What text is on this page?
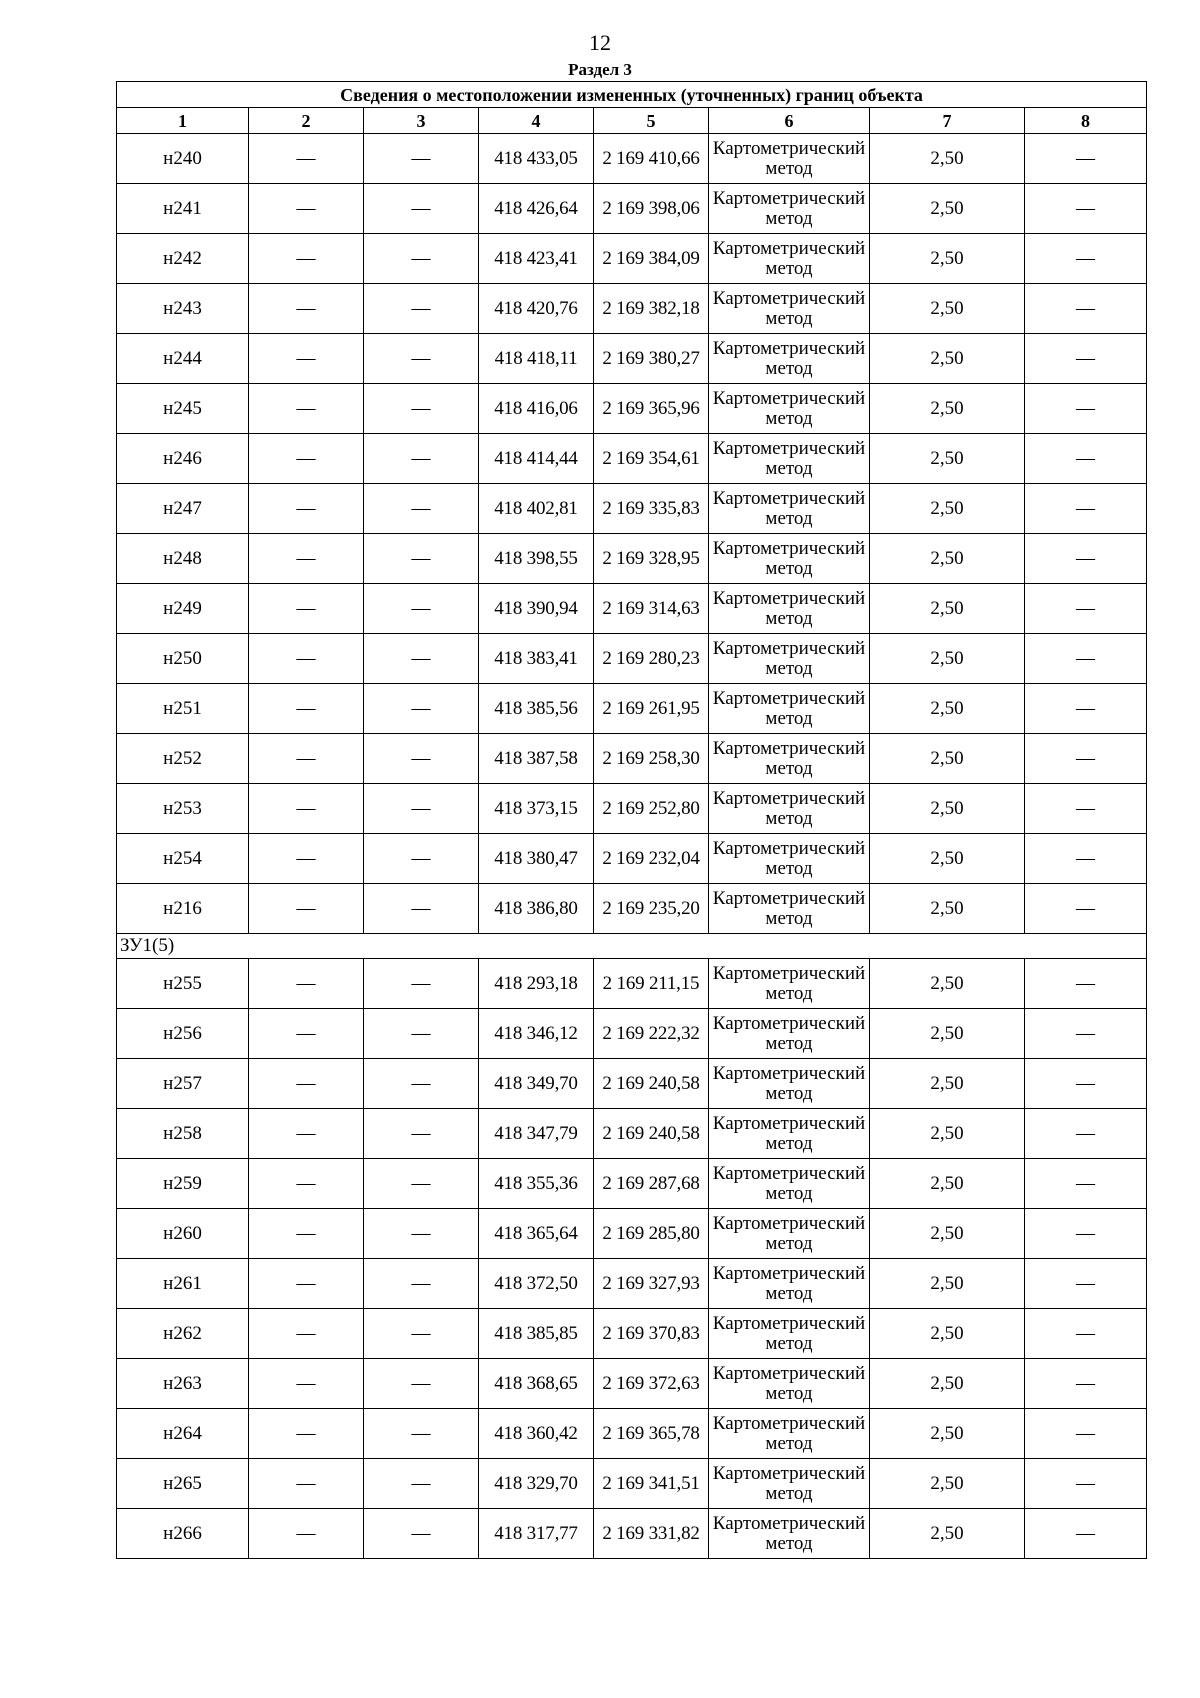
12
Раздел 3
Сведения о местоположении измененных (уточненных) границ объекта							
1	2	3	4	5	6	7	8
н240	—	—	418 433,05	2 169 410,66	Картометрический метод	2,50	—
н241	—	—	418 426,64	2 169 398,06	Картометрический метод	2,50	—
н242	—	—	418 423,41	2 169 384,09	Картометрический метод	2,50	—
н243	—	—	418 420,76	2 169 382,18	Картометрический метод	2,50	—
н244	—	—	418 418,11	2 169 380,27	Картометрический метод	2,50	—
н245	—	—	418 416,06	2 169 365,96	Картометрический метод	2,50	—
н246	—	—	418 414,44	2 169 354,61	Картометрический метод	2,50	—
н247	—	—	418 402,81	2 169 335,83	Картометрический метод	2,50	—
н248	—	—	418 398,55	2 169 328,95	Картометрический метод	2,50	—
н249	—	—	418 390,94	2 169 314,63	Картометрический метод	2,50	—
н250	—	—	418 383,41	2 169 280,23	Картометрический метод	2,50	—
н251	—	—	418 385,56	2 169 261,95	Картометрический метод	2,50	—
н252	—	—	418 387,58	2 169 258,30	Картометрический метод	2,50	—
н253	—	—	418 373,15	2 169 252,80	Картометрический метод	2,50	—
н254	—	—	418 380,47	2 169 232,04	Картометрический метод	2,50	—
н216	—	—	418 386,80	2 169 235,20	Картометрический метод	2,50	—
ЗУ1(5)							
н255	—	—	418 293,18	2 169 211,15	Картометрический метод	2,50	—
н256	—	—	418 346,12	2 169 222,32	Картометрический метод	2,50	—
н257	—	—	418 349,70	2 169 240,58	Картометрический метод	2,50	—
н258	—	—	418 347,79	2 169 240,58	Картометрический метод	2,50	—
н259	—	—	418 355,36	2 169 287,68	Картометрический метод	2,50	—
н260	—	—	418 365,64	2 169 285,80	Картометрический метод	2,50	—
н261	—	—	418 372,50	2 169 327,93	Картометрический метод	2,50	—
н262	—	—	418 385,85	2 169 370,83	Картометрический метод	2,50	—
н263	—	—	418 368,65	2 169 372,63	Картометрический метод	2,50	—
н264	—	—	418 360,42	2 169 365,78	Картометрический метод	2,50	—
н265	—	—	418 329,70	2 169 341,51	Картометрический метод	2,50	—
н266	—	—	418 317,77	2 169 331,82	Картометрический метод	2,50	—
